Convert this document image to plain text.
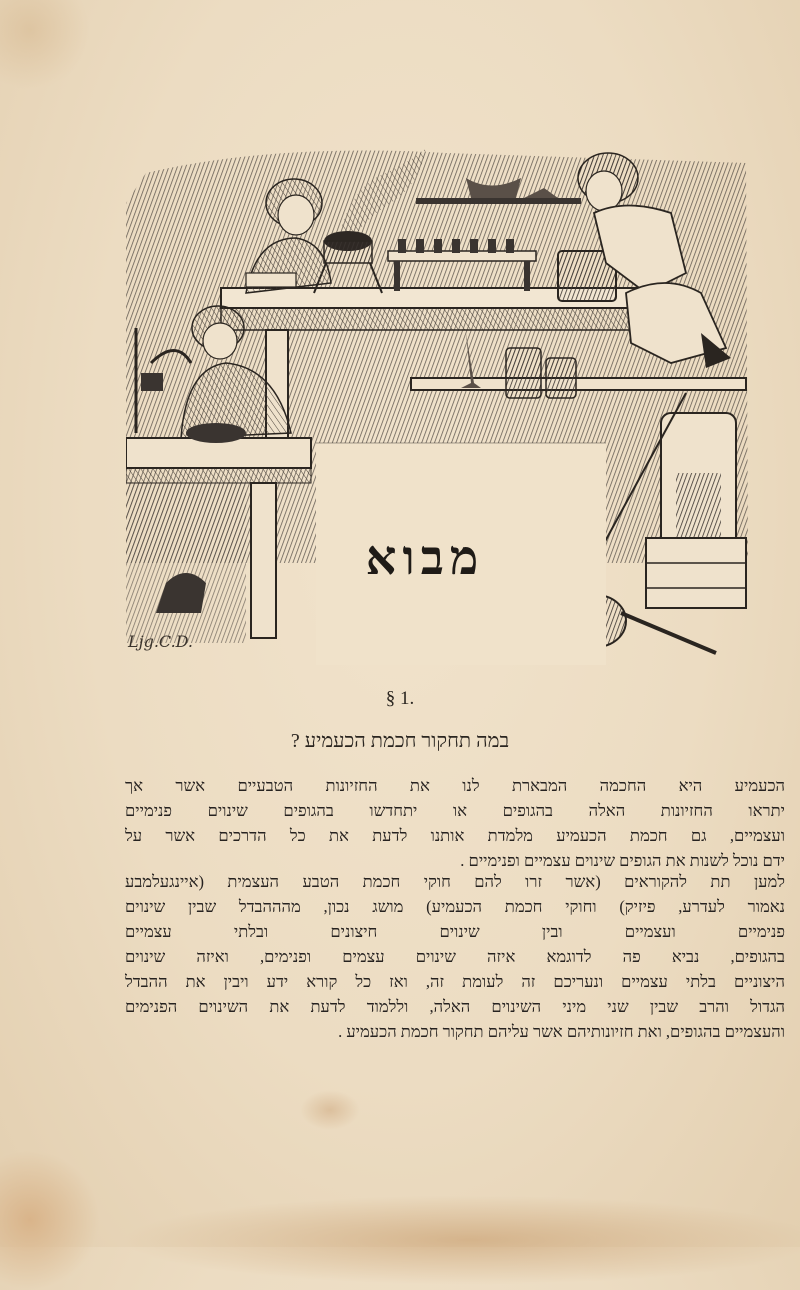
מבוא
Ljg.C.D.
§ 1.
במה תחקור חכמת הכעמיע ?
הכעמיע היא החכמה המבארת לנו את החזיונות הטבעיים אשר אך
יתראו החזיונות האלה בהגופים או יתחדשו בהגופים שינוים פנימיים
ועצמיים, גם חכמת הכעמיע מלמדת אותנו לדעת את כל הדרכים אשר על
ידם נוכל לשנות את הגופים שינוים עצמיים ופנימיים .
למען תת להקוראים (אשר זרו להם חוקי חכמת הטבע העצמית (איינגעלמבע
נאמור לעדרע, פיזיק) וחוקי חכמת הכעמיע) מושג נכון, מהההבדל שבין שינוים
פנימיים ועצמיים ובין שינוים חיצונים ובלתי עצמיים
בהגופים, נביא פה לדוגמא איזה שינוים עצמים ופנימים, ואיזה שינוים
היצוניים בלתי עצמיים ונעריכם זה לעומת זה, ואז כל קורא ידע ויבין את ההבדל
הגדול והרב שבין שני מיני השינוים האלה, וללמוד לדעת את השינוים הפנימים
והעצמיים בהגופים, ואת חזיונותיהם אשר עליהם תחקור חכמת הכעמיע .
